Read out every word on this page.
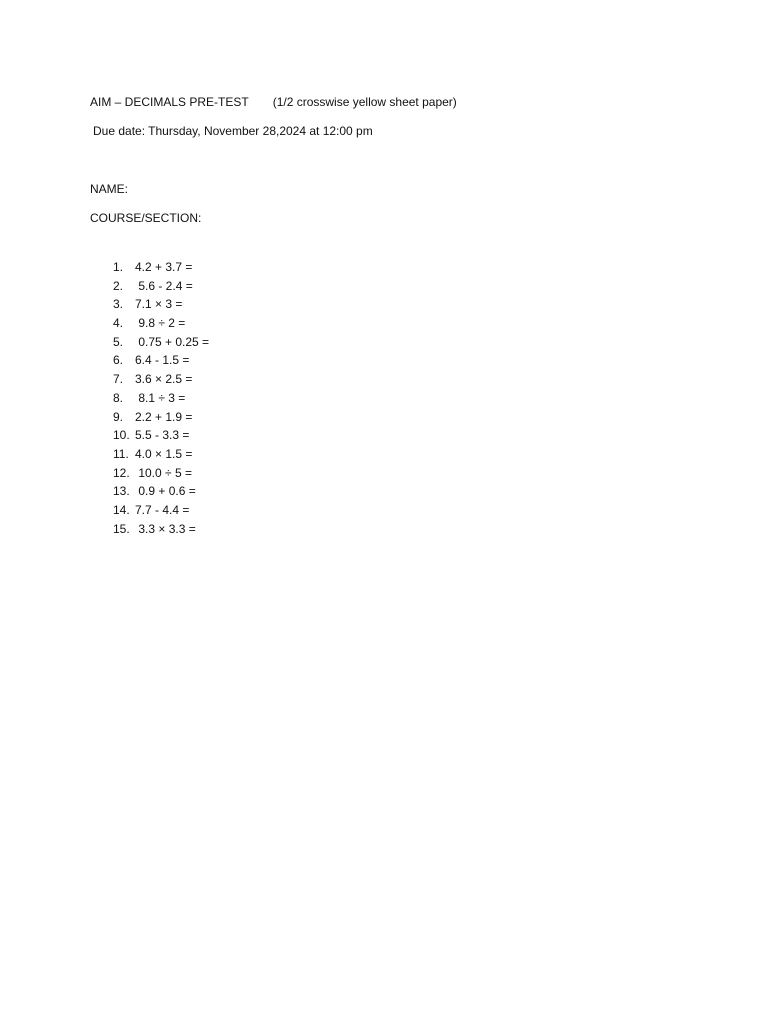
AIM – DECIMALS PRE-TEST (1/2 crosswise yellow sheet paper)
Due date: Thursday, November 28,2024 at 12:00 pm
NAME:
COURSE/SECTION:
1. 4.2 + 3.7 =
2. 5.6 - 2.4 =
3. 7.1 × 3 =
4. 9.8 ÷ 2 =
5. 0.75 + 0.25 =
6. 6.4 - 1.5 =
7. 3.6 × 2.5 =
8. 8.1 ÷ 3 =
9. 2.2 + 1.9 =
10. 5.5 - 3.3 =
11. 4.0 × 1.5 =
12. 10.0 ÷ 5 =
13. 0.9 + 0.6 =
14. 7.7 - 4.4 =
15. 3.3 × 3.3 =
